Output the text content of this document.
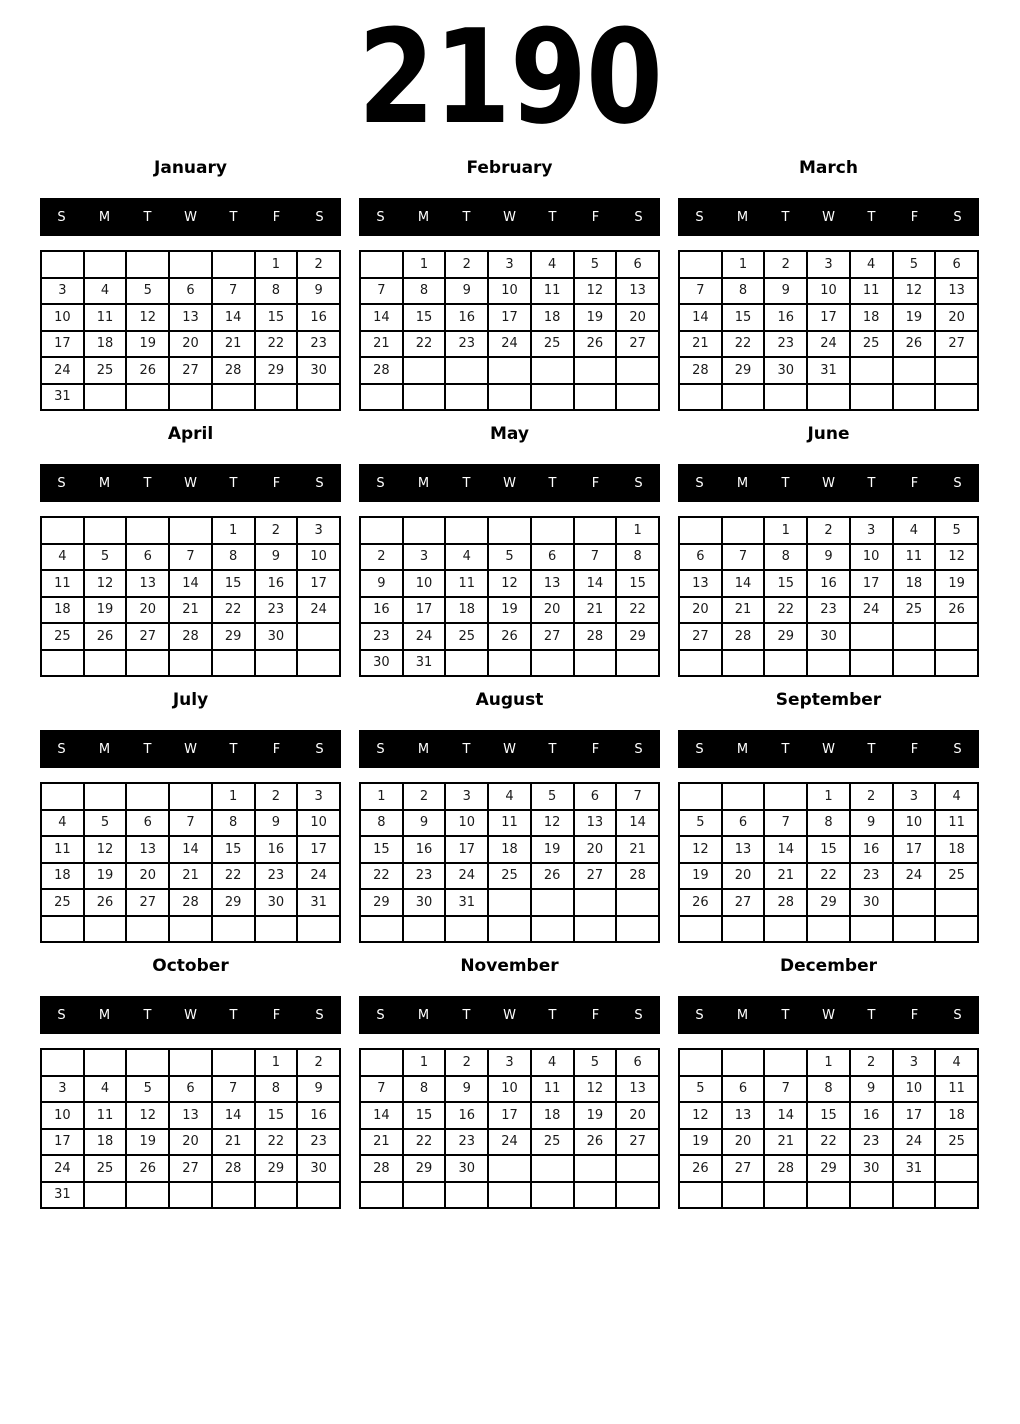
2190
January
S	M	T	W	T	F	S
					1	2
3	4	5	6	7	8	9
10	11	12	13	14	15	16
17	18	19	20	21	22	23
24	25	26	27	28	29	30
31						
February
S	M	T	W	T	F	S
	1	2	3	4	5	6
7	8	9	10	11	12	13
14	15	16	17	18	19	20
21	22	23	24	25	26	27
28						

March
S	M	T	W	T	F	S
	1	2	3	4	5	6
7	8	9	10	11	12	13
14	15	16	17	18	19	20
21	22	23	24	25	26	27
28	29	30	31			

April
S	M	T	W	T	F	S
				1	2	3
4	5	6	7	8	9	10
11	12	13	14	15	16	17
18	19	20	21	22	23	24
25	26	27	28	29	30	

May
S	M	T	W	T	F	S
						1
2	3	4	5	6	7	8
9	10	11	12	13	14	15
16	17	18	19	20	21	22
23	24	25	26	27	28	29
30	31					
June
S	M	T	W	T	F	S
		1	2	3	4	5
6	7	8	9	10	11	12
13	14	15	16	17	18	19
20	21	22	23	24	25	26
27	28	29	30			

July
S	M	T	W	T	F	S
				1	2	3
4	5	6	7	8	9	10
11	12	13	14	15	16	17
18	19	20	21	22	23	24
25	26	27	28	29	30	31

August
S	M	T	W	T	F	S
1	2	3	4	5	6	7
8	9	10	11	12	13	14
15	16	17	18	19	20	21
22	23	24	25	26	27	28
29	30	31				

September
S	M	T	W	T	F	S
			1	2	3	4
5	6	7	8	9	10	11
12	13	14	15	16	17	18
19	20	21	22	23	24	25
26	27	28	29	30		

October
S	M	T	W	T	F	S
					1	2
3	4	5	6	7	8	9
10	11	12	13	14	15	16
17	18	19	20	21	22	23
24	25	26	27	28	29	30
31						
November
S	M	T	W	T	F	S
	1	2	3	4	5	6
7	8	9	10	11	12	13
14	15	16	17	18	19	20
21	22	23	24	25	26	27
28	29	30				

December
S	M	T	W	T	F	S
			1	2	3	4
5	6	7	8	9	10	11
12	13	14	15	16	17	18
19	20	21	22	23	24	25
26	27	28	29	30	31	
